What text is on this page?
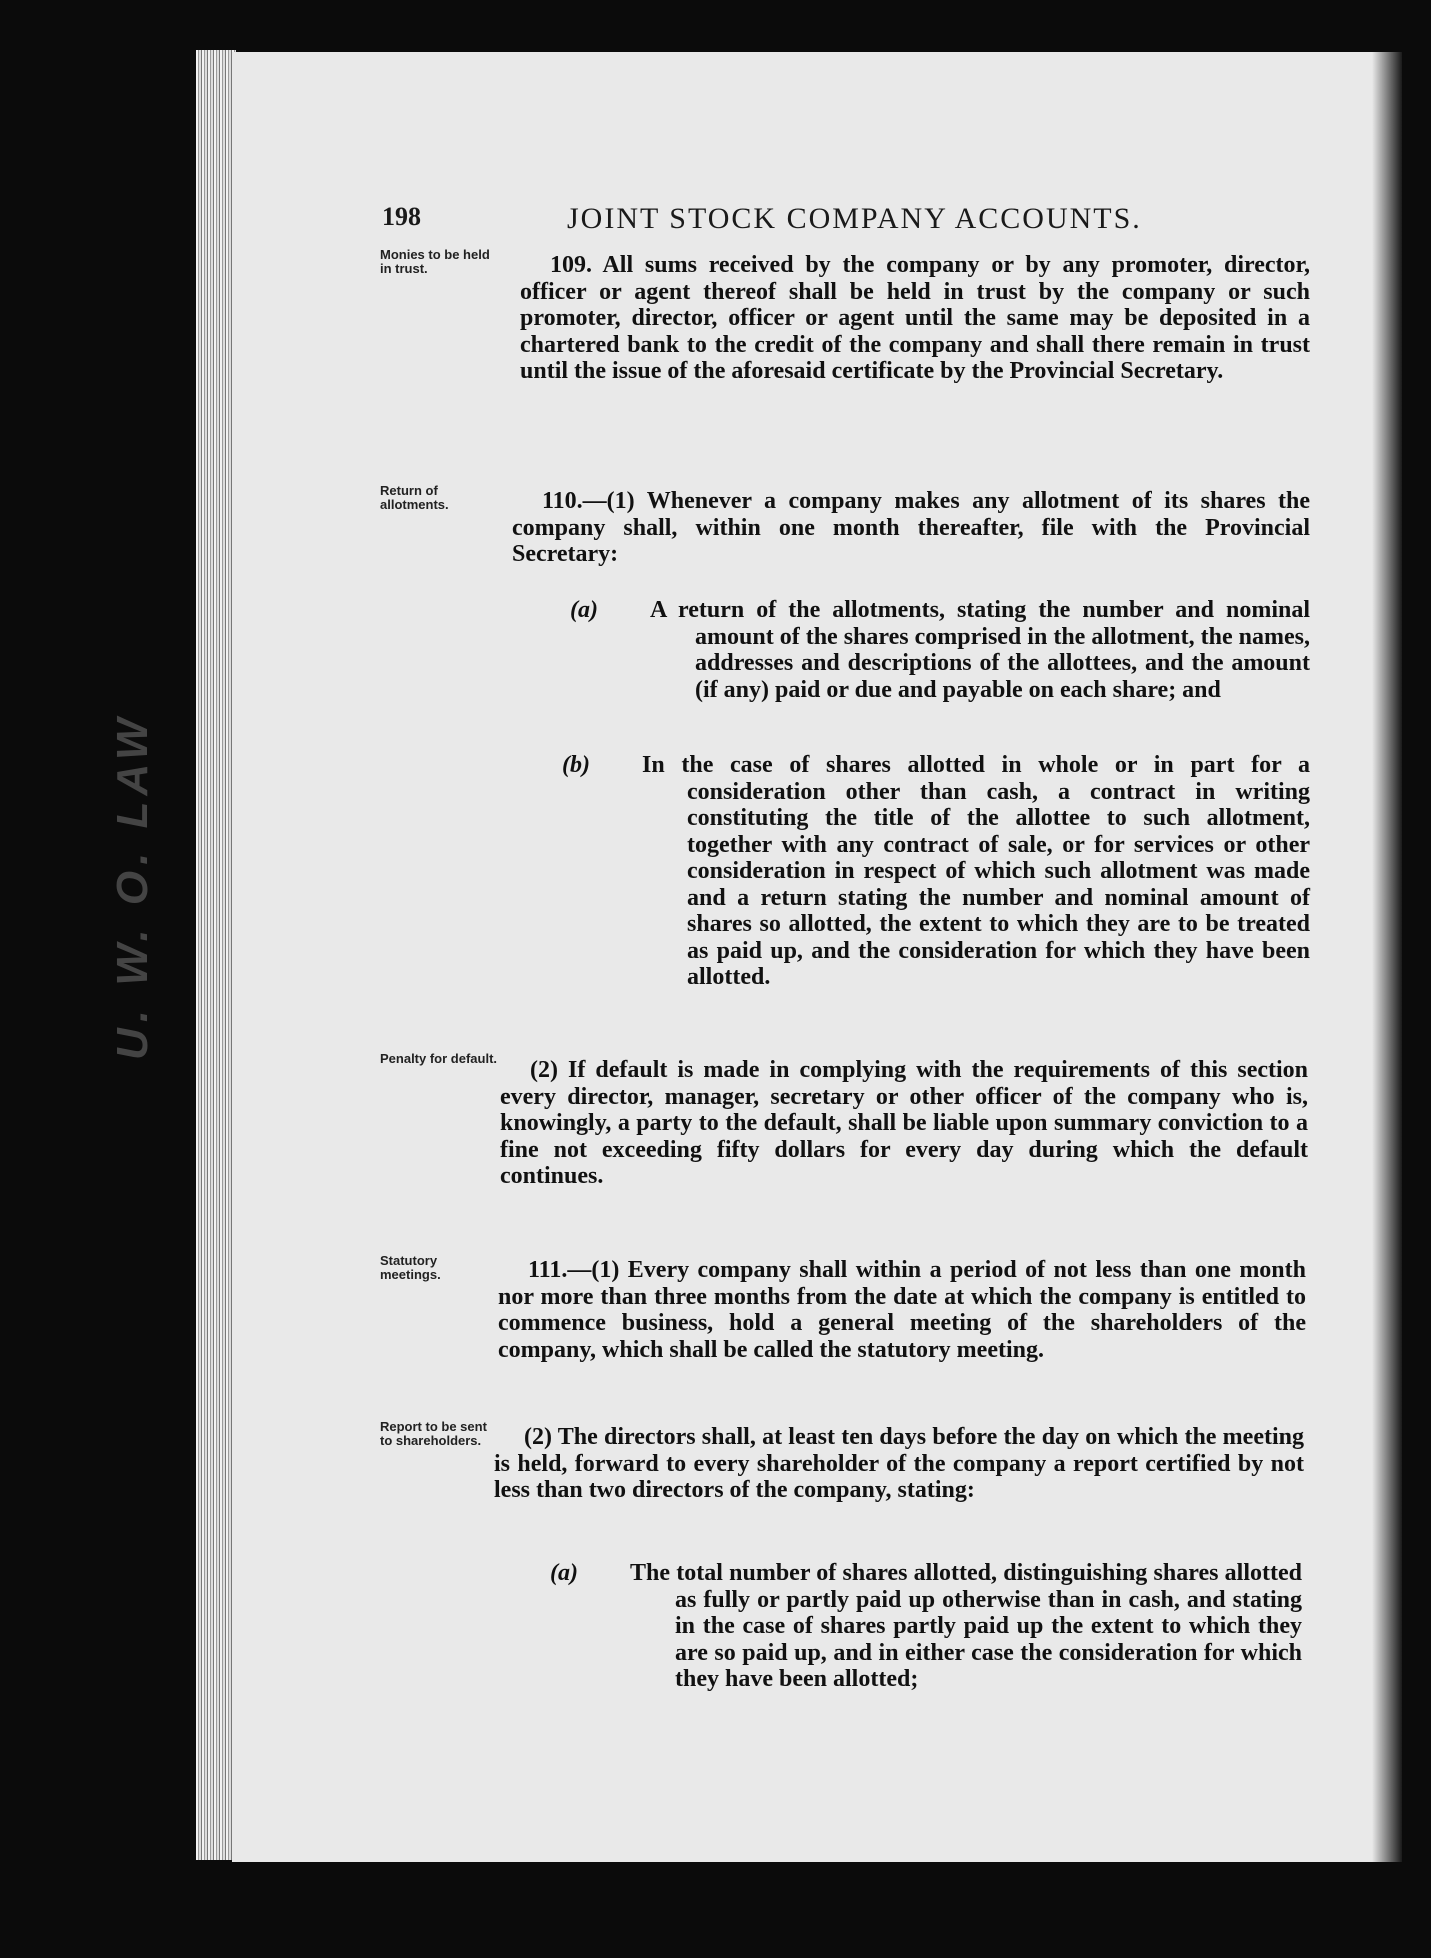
U. W. O. LAW
198	JOINT STOCK COMPANY ACCOUNTS.
Monies to be held in trust.
Return of allotments.
Penalty for default.
Statutory meetings.
Report to be sent to shareholders.

109. All sums received by the company or by any promoter, director, officer or agent thereof shall be held in trust by the company or such promoter, director, officer or agent until the same may be deposited in a chartered bank to the credit of the company and shall there remain in trust until the issue of the aforesaid certificate by the Provincial Secretary.

110.—(1) Whenever a company makes any allotment of its shares the company shall, within one month thereafter, file with the Provincial Secretary:

(a) A return of the allotments, stating the number and nominal amount of the shares comprised in the allotment, the names, addresses and descriptions of the allottees, and the amount (if any) paid or due and payable on each share; and
(b) In the case of shares allotted in whole or in part for a consideration other than cash, a contract in writing constituting the title of the allottee to such allotment, together with any contract of sale, or for services or other consideration in respect of which such allotment was made and a return stating the number and nominal amount of shares so allotted, the extent to which they are to be treated as paid up, and the consideration for which they have been allotted.

(2) If default is made in complying with the requirements of this section every director, manager, secretary or other officer of the company who is, knowingly, a party to the default, shall be liable upon summary conviction to a fine not exceeding fifty dollars for every day during which the default continues.

111.—(1) Every company shall within a period of not less than one month nor more than three months from the date at which the company is entitled to commence business, hold a general meeting of the shareholders of the company, which shall be called the statutory meeting.

(2) The directors shall, at least ten days before the day on which the meeting is held, forward to every shareholder of the company a report certified by not less than two directors of the company, stating:

(a) The total number of shares allotted, distinguishing shares allotted as fully or partly paid up otherwise than in cash, and stating in the case of shares partly paid up the extent to which they are so paid up, and in either case the consideration for which they have been allotted;
